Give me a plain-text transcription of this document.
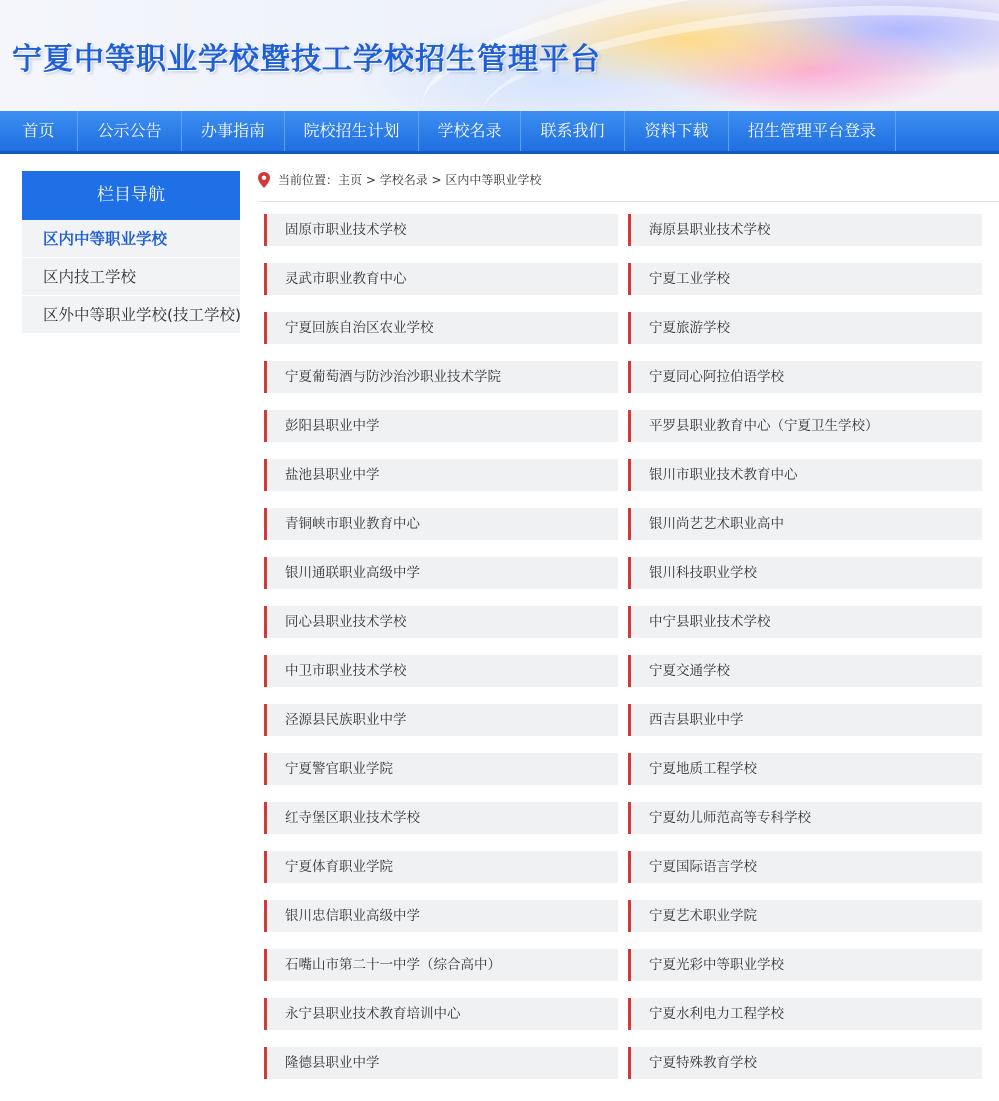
宁夏中等职业学校暨技工学校招生管理平台
首页	公示公告	办事指南	院校招生计划	学校名录	联系我们	资料下载	招生管理平台登录
栏目导航
区内中等职业学校
区内技工学校
区外中等职业学校(技工学校)
当前位置： 主页 > 学校名录 > 区内中等职业学校
固原市职业技术学校	海原县职业技术学校
灵武市职业教育中心	宁夏工业学校
宁夏回族自治区农业学校	宁夏旅游学校
宁夏葡萄酒与防沙治沙职业技术学院	宁夏同心阿拉伯语学校
彭阳县职业中学	平罗县职业教育中心（宁夏卫生学校）
盐池县职业中学	银川市职业技术教育中心
青铜峡市职业教育中心	银川尚艺艺术职业高中
银川通联职业高级中学	银川科技职业学校
同心县职业技术学校	中宁县职业技术学校
中卫市职业技术学校	宁夏交通学校
泾源县民族职业中学	西吉县职业中学
宁夏警官职业学院	宁夏地质工程学校
红寺堡区职业技术学校	宁夏幼儿师范高等专科学校
宁夏体育职业学院	宁夏国际语言学校
银川忠信职业高级中学	宁夏艺术职业学院
石嘴山市第二十一中学（综合高中）	宁夏光彩中等职业学校
永宁县职业技术教育培训中心	宁夏水利电力工程学校
隆德县职业中学	宁夏特殊教育学校
